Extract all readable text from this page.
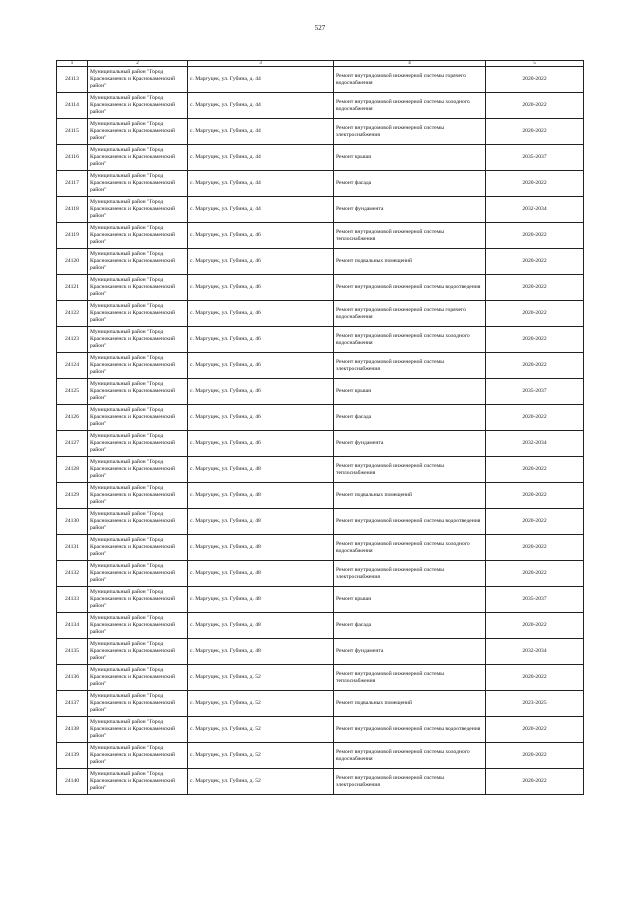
527
1	2	3	4	5
24113	Муниципальный район "Город Краснокаменск и Краснокаменский район"	с. Маргуцек, ул. Губина, д. 44	Ремонт внутридомовой инженерной системы горячего водоснабжения	2020-2022
24114	Муниципальный район "Город Краснокаменск и Краснокаменский район"	с. Маргуцек, ул. Губина, д. 44	Ремонт внутридомовой инженерной системы холодного водоснабжения	2020-2022
24115	Муниципальный район "Город Краснокаменск и Краснокаменский район"	с. Маргуцек, ул. Губина, д. 44	Ремонт внутридомовой инженерной системы электроснабжения	2020-2022
24116	Муниципальный район "Город Краснокаменск и Краснокаменский район"	с. Маргуцек, ул. Губина, д. 44	Ремонт крыши	2035-2037
24117	Муниципальный район "Город Краснокаменск и Краснокаменский район"	с. Маргуцек, ул. Губина, д. 44	Ремонт фасада	2020-2022
24118	Муниципальный район "Город Краснокаменск и Краснокаменский район"	с. Маргуцек, ул. Губина, д. 44	Ремонт фундамента	2032-2034
24119	Муниципальный район "Город Краснокаменск и Краснокаменский район"	с. Маргуцек, ул. Губина, д. 46	Ремонт внутридомовой инженерной системы теплоснабжения	2020-2022
24120	Муниципальный район "Город Краснокаменск и Краснокаменский район"	с. Маргуцек, ул. Губина, д. 46	Ремонт подвальных помещений	2020-2022
24121	Муниципальный район "Город Краснокаменск и Краснокаменский район"	с. Маргуцек, ул. Губина, д. 46	Ремонт внутридомовой инженерной системы водоотведения	2020-2022
24122	Муниципальный район "Город Краснокаменск и Краснокаменский район"	с. Маргуцек, ул. Губина, д. 46	Ремонт внутридомовой инженерной системы горячего водоснабжения	2020-2022
24123	Муниципальный район "Город Краснокаменск и Краснокаменский район"	с. Маргуцек, ул. Губина, д. 46	Ремонт внутридомовой инженерной системы холодного водоснабжения	2020-2022
24124	Муниципальный район "Город Краснокаменск и Краснокаменский район"	с. Маргуцек, ул. Губина, д. 46	Ремонт внутридомовой инженерной системы электроснабжения	2020-2022
24125	Муниципальный район "Город Краснокаменск и Краснокаменский район"	с. Маргуцек, ул. Губина, д. 46	Ремонт крыши	2035-2037
24126	Муниципальный район "Город Краснокаменск и Краснокаменский район"	с. Маргуцек, ул. Губина, д. 46	Ремонт фасада	2020-2022
24127	Муниципальный район "Город Краснокаменск и Краснокаменский район"	с. Маргуцек, ул. Губина, д. 46	Ремонт фундамента	2032-2034
24128	Муниципальный район "Город Краснокаменск и Краснокаменский район"	с. Маргуцек, ул. Губина, д. 48	Ремонт внутридомовой инженерной системы теплоснабжения	2020-2022
24129	Муниципальный район "Город Краснокаменск и Краснокаменский район"	с. Маргуцек, ул. Губина, д. 48	Ремонт подвальных помещений	2020-2022
24130	Муниципальный район "Город Краснокаменск и Краснокаменский район"	с. Маргуцек, ул. Губина, д. 48	Ремонт внутридомовой инженерной системы водоотведения	2020-2022
24131	Муниципальный район "Город Краснокаменск и Краснокаменский район"	с. Маргуцек, ул. Губина, д. 48	Ремонт внутридомовой инженерной системы холодного водоснабжения	2020-2022
24132	Муниципальный район "Город Краснокаменск и Краснокаменский район"	с. Маргуцек, ул. Губина, д. 48	Ремонт внутридомовой инженерной системы электроснабжения	2020-2022
24133	Муниципальный район "Город Краснокаменск и Краснокаменский район"	с. Маргуцек, ул. Губина, д. 48	Ремонт крыши	2035-2037
24134	Муниципальный район "Город Краснокаменск и Краснокаменский район"	с. Маргуцек, ул. Губина, д. 48	Ремонт фасада	2020-2022
24135	Муниципальный район "Город Краснокаменск и Краснокаменский район"	с. Маргуцек, ул. Губина, д. 48	Ремонт фундамента	2032-2034
24136	Муниципальный район "Город Краснокаменск и Краснокаменский район"	с. Маргуцек, ул. Губина, д. 52	Ремонт внутридомовой инженерной системы теплоснабжения	2020-2022
24137	Муниципальный район "Город Краснокаменск и Краснокаменский район"	с. Маргуцек, ул. Губина, д. 52	Ремонт подвальных помещений	2023-2025
24138	Муниципальный район "Город Краснокаменск и Краснокаменский район"	с. Маргуцек, ул. Губина, д. 52	Ремонт внутридомовой инженерной системы водоотведения	2020-2022
24139	Муниципальный район "Город Краснокаменск и Краснокаменский район"	с. Маргуцек, ул. Губина, д. 52	Ремонт внутридомовой инженерной системы холодного водоснабжения	2020-2022
24140	Муниципальный район "Город Краснокаменск и Краснокаменский район"	с. Маргуцек, ул. Губина, д. 52	Ремонт внутридомовой инженерной системы электроснабжения	2020-2022
